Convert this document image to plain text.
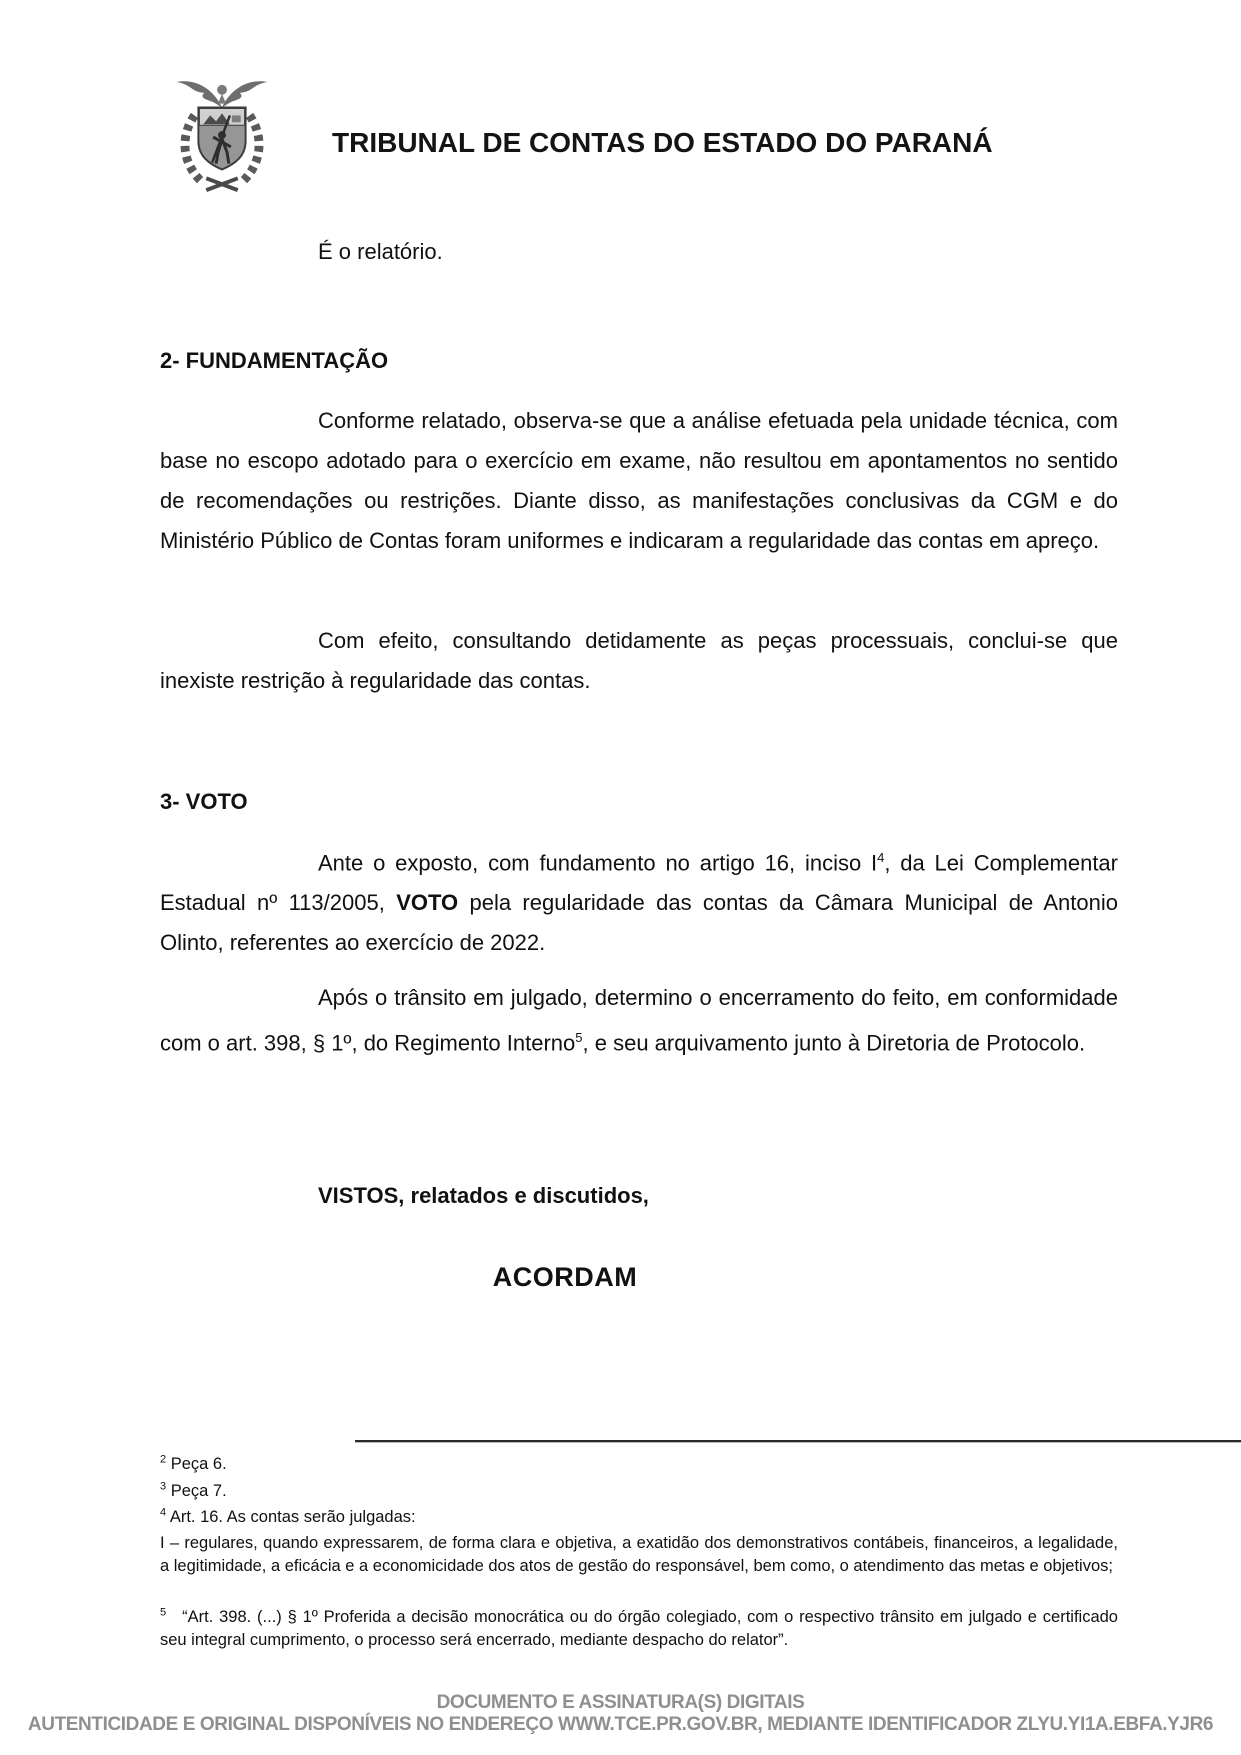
TRIBUNAL DE CONTAS DO ESTADO DO PARANÁ

É o relatório.

2- FUNDAMENTAÇÃO

Conforme relatado, observa-se que a análise efetuada pela unidade técnica, com base no escopo adotado para o exercício em exame, não resultou em apontamentos no sentido de recomendações ou restrições. Diante disso, as manifestações conclusivas da CGM e do Ministério Público de Contas foram uniformes e indicaram a regularidade das contas em apreço.

Com efeito, consultando detidamente as peças processuais, conclui-se que inexiste restrição à regularidade das contas.

3- VOTO

Ante o exposto, com fundamento no artigo 16, inciso I$^4$, da Lei Complementar Estadual nº 113/2005, VOTO pela regularidade das contas da Câmara Municipal de Antonio Olinto, referentes ao exercício de 2022.

Após o trânsito em julgado, determino o encerramento do feito, em conformidade com o art. 398, § 1º, do Regimento Interno$^5$, e seu arquivamento junto à Diretoria de Protocolo.

VISTOS, relatados e discutidos,

ACORDAM

$^2$ Peça 6.

$^3$ Peça 7.

$^4$ Art. 16. As contas serão julgadas:

I – regulares, quando expressarem, de forma clara e objetiva, a exatidão dos demonstrativos contábeis, financeiros, a legalidade, a legitimidade, a eficácia e a economicidade dos atos de gestão do responsável, bem como, o atendimento das metas e objetivos;

$^5$ “Art. 398. (...) § 1º Proferida a decisão monocrática ou do órgão colegiado, com o respectivo trânsito em julgado e certificado seu integral cumprimento, o processo será encerrado, mediante despacho do relator”.

DOCUMENTO E ASSINATURA(S) DIGITAIS
AUTENTICIDADE E ORIGINAL DISPONÍVEIS NO ENDEREÇO WWW.TCE.PR.GOV.BR, MEDIANTE IDENTIFICADOR ZLYU.YI1A.EBFA.YJR6
